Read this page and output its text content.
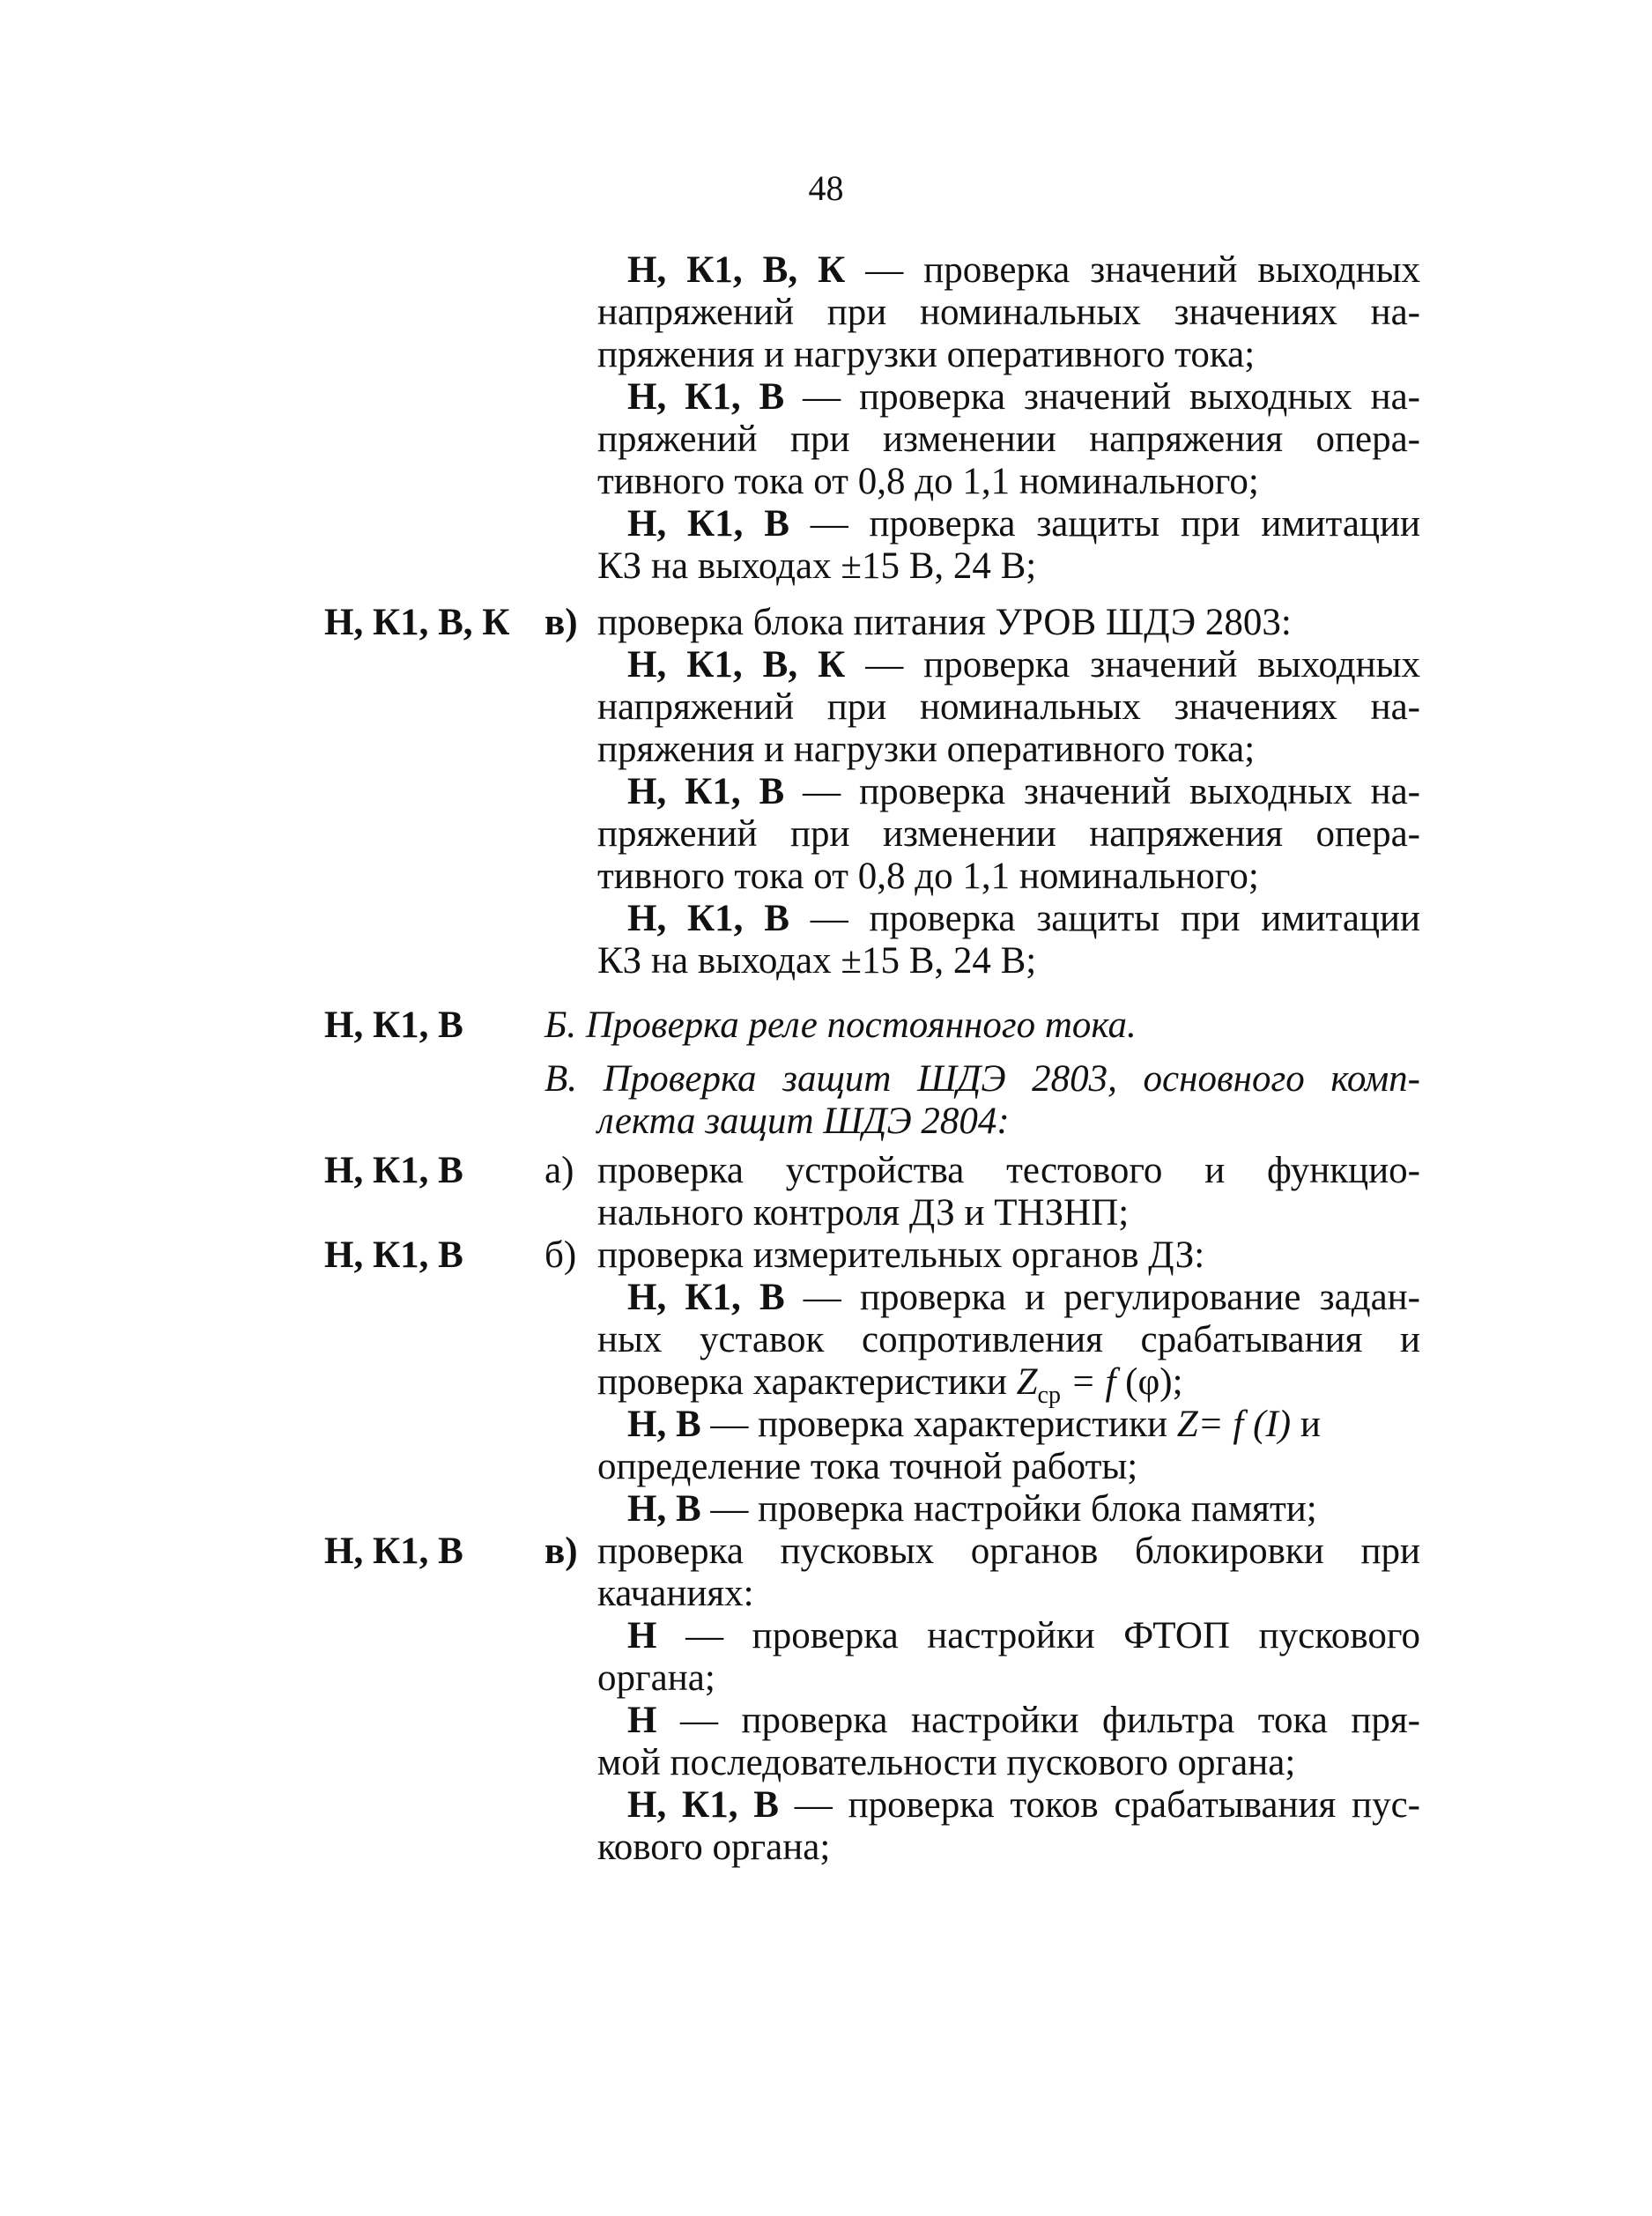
48

Н, К1, В, К — проверка значений выходных

напряжений при номинальных значениях на-

пряжения и нагрузки оперативного тока;

Н, К1, В — проверка значений выходных на-

пряжений при изменении напряжения опера-

тивного тока от 0,8 до 1,1 номинального;

Н, К1, В — проверка защиты при имитации

КЗ на выходах ±15 В, 24 В;

Н, К1, В, К в) проверка блока питания УРОВ ШДЭ 2803:

Н, К1, В, К — проверка значений выходных

напряжений при номинальных значениях на-

пряжения и нагрузки оперативного тока;

Н, К1, В — проверка значений выходных на-

пряжений при изменении напряжения опера-

тивного тока от 0,8 до 1,1 номинального;

Н, К1, В — проверка защиты при имитации

КЗ на выходах ±15 В, 24 В;

Н, К1, В Б. Проверка реле постоянного тока.

В. Проверка защит ШДЭ 2803, основного комп-

лекта защит ШДЭ 2804:

Н, К1, В а) проверка устройства тестового и функцио-

нального контроля ДЗ и ТНЗНП;

Н, К1, В б) проверка измерительных органов ДЗ:

Н, К1, В — проверка и регулирование задан-

ных уставок сопротивления срабатывания и

проверка характеристики $Z_{ср} = f$ (φ);

Н, В — проверка характеристики Z= f (I) и

определение тока точной работы;

Н, В — проверка настройки блока памяти;

Н, К1, В в) проверка пусковых органов блокировки при

качаниях:

Н — проверка настройки ФТОП пускового

органа;

Н — проверка настройки фильтра тока пря-

мой последовательности пускового органа;

Н, К1, В — проверка токов срабатывания пус-

кового органа;
